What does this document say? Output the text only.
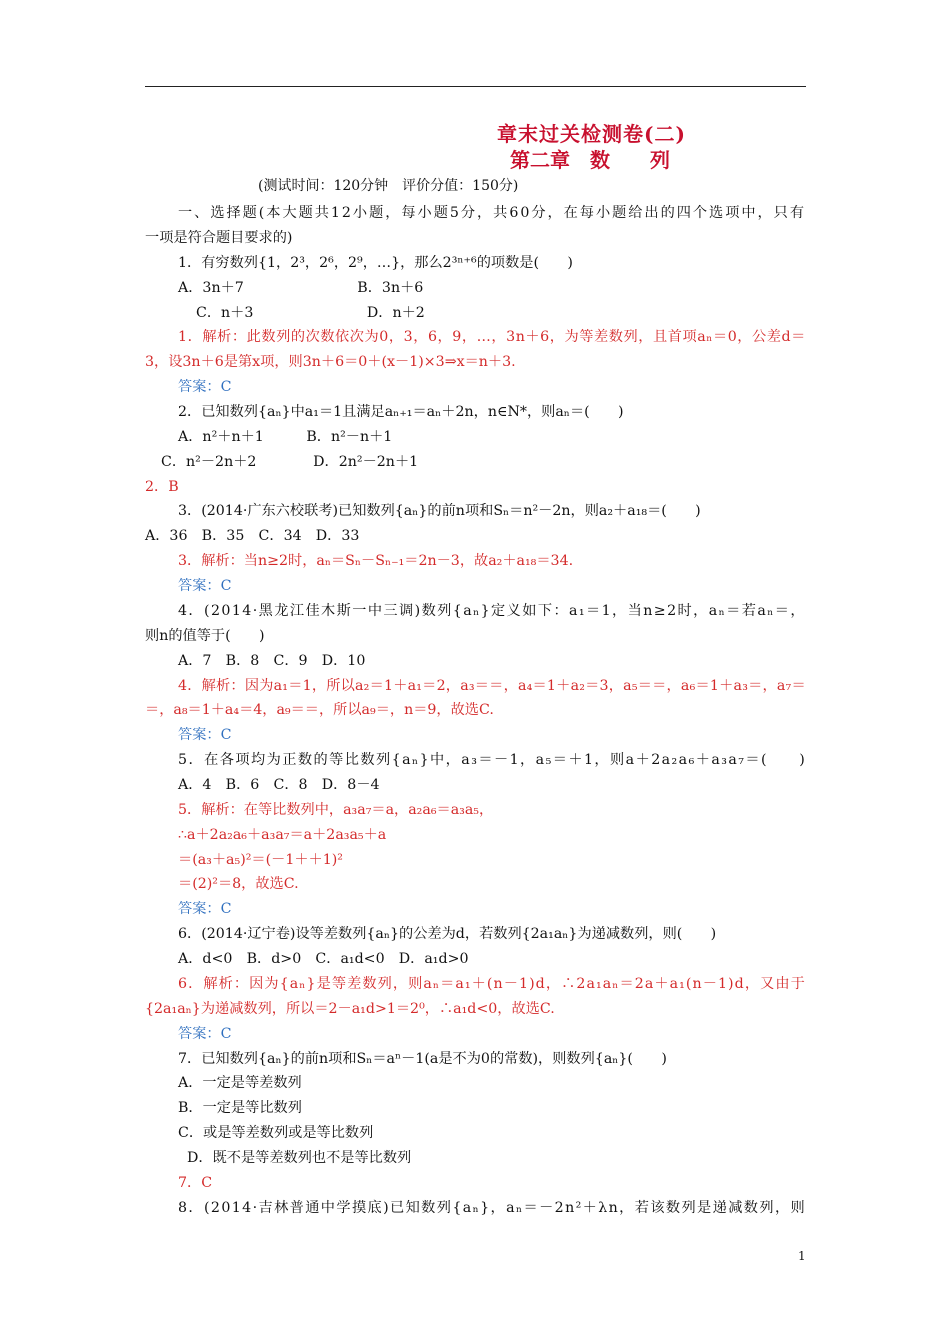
章末过关检测卷(二)
第二章　数　　列
(测试时间：120分钟　评价分值：150分)
一、选择题(本大题共12小题，每小题5分，共60分，在每小题给出的四个选项中，只有
一项是符合题目要求的)
1．有穷数列{1，2³，2⁶，2⁹，…}，那么2³ⁿ⁺⁶的项数是(　　)
A．3n＋7　　　　　　　　B．3n＋6
C．n＋3　　　　　　　　D．n＋2
1．解析：此数列的次数依次为0，3，6，9，…，3n＋6，为等差数列，且首项aₙ＝0，公差d＝
3，设3n＋6是第x项，则3n＋6＝0＋(x－1)×3⇒x＝n＋3.
答案：C
2．已知数列{aₙ}中a₁＝1且满足aₙ₊₁＝aₙ＋2n，n∈N*，则aₙ＝(　　)
A．n²＋n＋1　　　B．n²－n＋1
C．n²－2n＋2　　　　D．2n²－2n＋1
2．B
3．(2014·广东六校联考)已知数列{aₙ}的前n项和Sₙ＝n²－2n，则a₂＋a₁₈＝(　　)
A．36　B．35　C．34　D．33
3．解析：当n≥2时，aₙ＝Sₙ－Sₙ₋₁＝2n－3，故a₂＋a₁₈＝34.
答案：C
4．(2014·黑龙江佳木斯一中三调)数列{aₙ}定义如下：a₁＝1，当n≥2时，aₙ＝若aₙ＝，
则n的值等于(　　)
A．7　B．8　C．9　D．10
4．解析：因为a₁＝1，所以a₂＝1＋a₁＝2，a₃＝＝，a₄＝1＋a₂＝3，a₅＝＝，a₆＝1＋a₃＝，a₇＝
＝，a₈＝1＋a₄＝4，a₉＝＝，所以a₉＝，n＝9，故选C.
答案：C
5．在各项均为正数的等比数列{aₙ}中，a₃＝－1，a₅＝＋1，则a＋2a₂a₆＋a₃a₇＝(　　)
A．4　B．6　C．8　D．8－4
5．解析：在等比数列中，a₃a₇＝a，a₂a₆＝a₃a₅，
∴a＋2a₂a₆＋a₃a₇＝a＋2a₃a₅＋a
＝(a₃＋a₅)²＝(－1＋＋1)²
＝(2)²＝8，故选C.
答案：C
6．(2014·辽宁卷)设等差数列{aₙ}的公差为d，若数列{2a₁aₙ}为递减数列，则(　　)
A．d<0　B．d>0　C．a₁d<0　D．a₁d>0
6．解析：因为{aₙ}是等差数列，则aₙ＝a₁＋(n－1)d，∴2a₁aₙ＝2a＋a₁(n－1)d，又由于
{2a₁aₙ}为递减数列，所以＝2－a₁d>1＝2⁰，∴a₁d<0，故选C.
答案：C
7．已知数列{aₙ}的前n项和Sₙ＝aⁿ－1(a是不为0的常数)，则数列{aₙ}(　　)
A．一定是等差数列
B．一定是等比数列
C．或是等差数列或是等比数列
D．既不是等差数列也不是等比数列
7．C
8．(2014·吉林普通中学摸底)已知数列{aₙ}，aₙ＝－2n²＋λn，若该数列是递减数列，则
1
